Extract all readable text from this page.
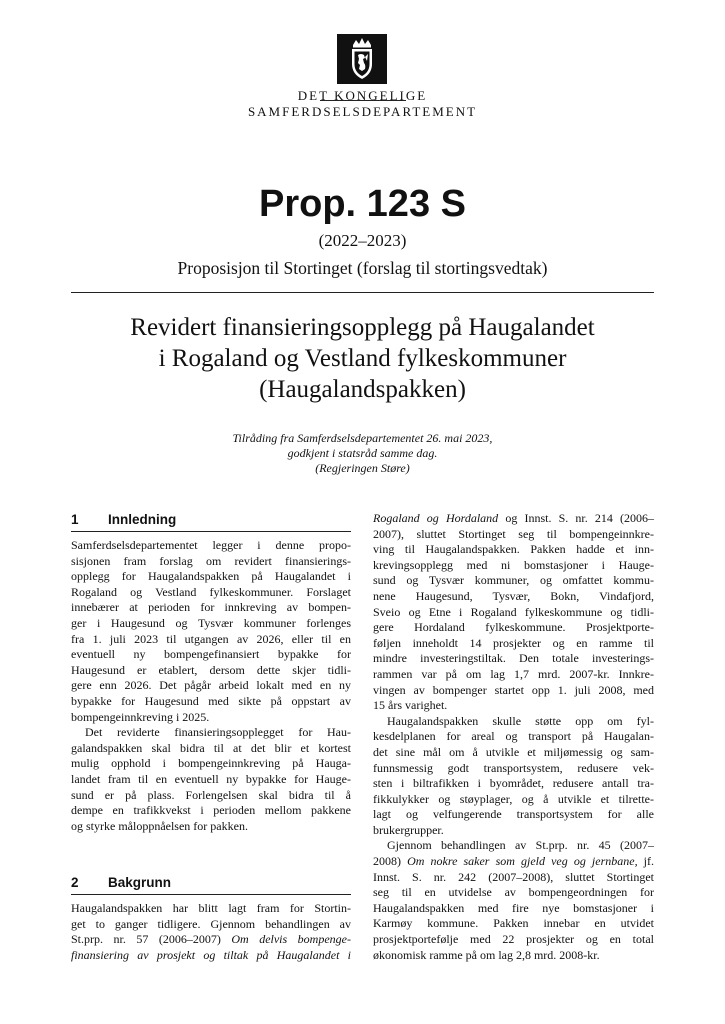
DET KONGELIGE
SAMFERDSELSDEPARTEMENT
Prop. 123 S
(2022–2023)
Proposisjon til Stortinget (forslag til stortingsvedtak)
Revidert finansieringsopplegg på Haugalandet
i Rogaland og Vestland fylkeskommuner
(Haugalandspakken)
Tilråding fra Samferdselsdepartementet 26. mai 2023,
godkjent i statsråd samme dag.
(Regjeringen Støre)
1 Innledning
Samferdselsdepartementet legger i denne propo-
sisjonen fram forslag om revidert finansierings-
opplegg for Haugalandspakken på Haugalandet i
Rogaland og Vestland fylkeskommuner. Forslaget
innebærer at perioden for innkreving av bompen-
ger i Haugesund og Tysvær kommuner forlenges
fra 1. juli 2023 til utgangen av 2026, eller til en
eventuell ny bompengefinansiert bypakke for
Haugesund er etablert, dersom dette skjer tidli-
gere enn 2026. Det pågår arbeid lokalt med en ny
bypakke for Haugesund med sikte på oppstart av
bompengeinnkreving i 2025.
Det reviderte finansieringsopplegget for Hau-
galandspakken skal bidra til at det blir et kortest
mulig opphold i bompengeinnkreving på Hauga-
landet fram til en eventuell ny bypakke for Hauge-
sund er på plass. Forlengelsen skal bidra til å
dempe en trafikkvekst i perioden mellom pakkene
og styrke måloppnåelsen for pakken.
2 Bakgrunn
Haugalandspakken har blitt lagt fram for Stortin-
get to ganger tidligere. Gjennom behandlingen av
St.prp. nr. 57 (2006–2007) Om delvis bompenge-
finansiering av prosjekt og tiltak på Haugalandet i
Rogaland og Hordaland og Innst. S. nr. 214 (2006–
2007), sluttet Stortinget seg til bompengeinnkre-
ving til Haugalandspakken. Pakken hadde et inn-
krevingsopplegg med ni bomstasjoner i Hauge-
sund og Tysvær kommuner, og omfattet kommu-
nene Haugesund, Tysvær, Bokn, Vindafjord,
Sveio og Etne i Rogaland fylkeskommune og tidli-
gere Hordaland fylkeskommune. Prosjektporte-
føljen inneholdt 14 prosjekter og en ramme til
mindre investeringstiltak. Den totale investerings-
rammen var på om lag 1,7 mrd. 2007-kr. Innkre-
vingen av bompenger startet opp 1. juli 2008, med
15 års varighet.
Haugalandspakken skulle støtte opp om fyl-
kesdelplanen for areal og transport på Haugalan-
det sine mål om å utvikle et miljømessig og sam-
funnsmessig godt transportsystem, redusere vek-
sten i biltrafikken i byområdet, redusere antall tra-
fikkulykker og støyplager, og å utvikle et tilrette-
lagt og velfungerende transportsystem for alle
brukergrupper.
Gjennom behandlingen av St.prp. nr. 45 (2007–
2008) Om nokre saker som gjeld veg og jernbane, jf.
Innst. S. nr. 242 (2007–2008), sluttet Stortinget
seg til en utvidelse av bompengeordningen for
Haugalandspakken med fire nye bomstasjoner i
Karmøy kommune. Pakken innebar en utvidet
prosjektportefølje med 22 prosjekter og en total
økonomisk ramme på om lag 2,8 mrd. 2008-kr.
